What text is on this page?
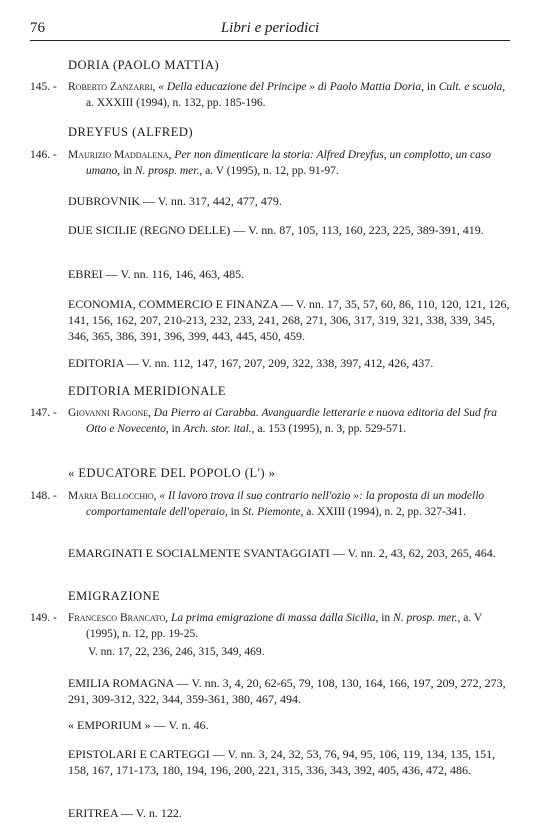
76	Libri e periodici
DORIA (PAOLO MATTIA)
145. - Roberto Zanzarri, « Della educazione del Principe » di Paolo Mattia Doria, in Cult. e scuola, a. XXXIII (1994), n. 132, pp. 185-196.
DREYFUS (ALFRED)
146. - Maurizio Maddalena, Per non dimenticare la storia: Alfred Dreyfus, un complotto, un caso umano, in N. prosp. mer., a. V (1995), n. 12, pp. 91-97.
DUBROVNIK — V. nn. 317, 442, 477, 479.
DUE SICILIE (REGNO DELLE) — V. nn. 87, 105, 113, 160, 223, 225, 389-391, 419.
EBREI — V. nn. 116, 146, 463, 485.
ECONOMIA, COMMERCIO E FINANZA — V. nn. 17, 35, 57, 60, 86, 110, 120, 121, 126, 141, 156, 162, 207, 210-213, 232, 233, 241, 268, 271, 306, 317, 319, 321, 338, 339, 345, 346, 365, 386, 391, 396, 399, 443, 445, 450, 459.
EDITORIA — V. nn. 112, 147, 167, 207, 209, 322, 338, 397, 412, 426, 437.
EDITORIA MERIDIONALE
147. - Giovanni Ragone, Da Pierro ai Carabba. Avanguardie letterarie e nuova editoria del Sud fra Otto e Novecento, in Arch. stor. ital., a. 153 (1995), n. 3, pp. 529-571.
« EDUCATORE DEL POPOLO (L') »
148. - Maria Bellocchio, « Il lavoro trova il suo contrario nell'ozio »: la proposta di un modello comportamentale dell'operaio, in St. Piemonte, a. XXIII (1994), n. 2, pp. 327-341.
EMARGINATI E SOCIALMENTE SVANTAGGIATI — V. nn. 2, 43, 62, 203, 265, 464.
EMIGRAZIONE
149. - Francesco Brancato, La prima emigrazione di massa dalla Sicilia, in N. prosp. mer., a. V (1995), n. 12, pp. 19-25.
V. nn. 17, 22, 236, 246, 315, 349, 469.
EMILIA ROMAGNA — V. nn. 3, 4, 20, 62-65, 79, 108, 130, 164, 166, 197, 209, 272, 273, 291, 309-312, 322, 344, 359-361, 380, 467, 494.
« EMPORIUM » — V. n. 46.
EPISTOLARI E CARTEGGI — V. nn. 3, 24, 32, 53, 76, 94, 95, 106, 119, 134, 135, 151, 158, 167, 171-173, 180, 194, 196, 200, 221, 315, 336, 343, 392, 405, 436, 472, 486.
ERITREA — V. n. 122.
